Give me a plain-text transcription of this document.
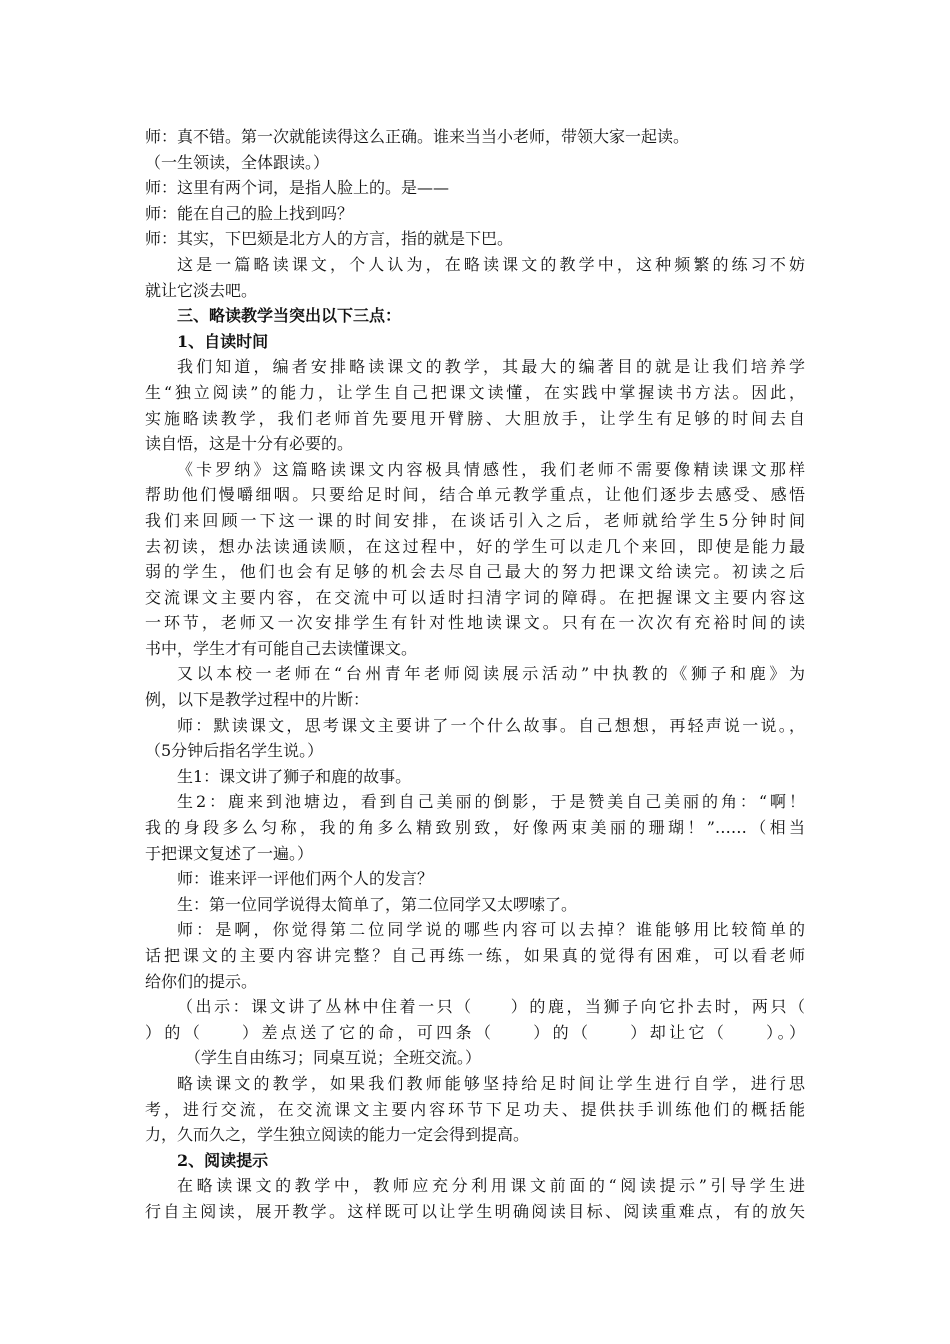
师：真不错。第一次就能读得这么正确。谁来当当小老师，带领大家一起读。
（一生领读，全体跟读。）
师：这里有两个词，是指人脸上的。是——
师：能在自己的脸上找到吗？
师：其实，下巴颏是北方人的方言，指的就是下巴。
这是一篇略读课文，个人认为，在略读课文的教学中，这种频繁的练习不妨
就让它淡去吧。
三、略读教学当突出以下三点：
1、自读时间
我们知道，编者安排略读课文的教学，其最大的编著目的就是让我们培养学
生“独立阅读”的能力，让学生自己把课文读懂，在实践中掌握读书方法。因此，
实施略读教学，我们老师首先要甩开臂膀、大胆放手，让学生有足够的时间去自
读自悟，这是十分有必要的。
《卡罗纳》这篇略读课文内容极具情感性，我们老师不需要像精读课文那样
帮助他们慢嚼细咽。只要给足时间，结合单元教学重点，让他们逐步去感受、感悟
我们来回顾一下这一课的时间安排，在谈话引入之后，老师就给学生5分钟时间
去初读，想办法读通读顺，在这过程中，好的学生可以走几个来回，即使是能力最
弱的学生，他们也会有足够的机会去尽自己最大的努力把课文给读完。初读之后
交流课文主要内容，在交流中可以适时扫清字词的障碍。在把握课文主要内容这
一环节，老师又一次安排学生有针对性地读课文。只有在一次次有充裕时间的读
书中，学生才有可能自己去读懂课文。
又以本校一老师在“台州青年老师阅读展示活动”中执教的《狮子和鹿》为
例，以下是教学过程中的片断：
师：默读课文，思考课文主要讲了一个什么故事。自己想想，再轻声说一说。，
（5分钟后指名学生说。）
生1：课文讲了狮子和鹿的故事。
生2：鹿来到池塘边，看到自己美丽的倒影，于是赞美自己美丽的角：“啊！
我的身段多么匀称，我的角多么精致别致，好像两束美丽的珊瑚！”……（相当
于把课文复述了一遍。）
师：谁来评一评他们两个人的发言？
生：第一位同学说得太简单了，第二位同学又太啰嗦了。
师：是啊，你觉得第二位同学说的哪些内容可以去掉？谁能够用比较简单的
话把课文的主要内容讲完整？自己再练一练，如果真的觉得有困难，可以看老师
给你们的提示。
（出示：课文讲了丛林中住着一只（　　）的鹿，当狮子向它扑去时，两只（
）的（　　）差点送了它的命，可四条（　　）的（　　）却让它（　　）。）
（学生自由练习；同桌互说；全班交流。）
略读课文的教学，如果我们教师能够坚持给足时间让学生进行自学，进行思
考，进行交流，在交流课文主要内容环节下足功夫、提供扶手训练他们的概括能
力，久而久之，学生独立阅读的能力一定会得到提高。
2、阅读提示
在略读课文的教学中，教师应充分利用课文前面的“阅读提示”引导学生进
行自主阅读，展开教学。这样既可以让学生明确阅读目标、阅读重难点，有的放矢
